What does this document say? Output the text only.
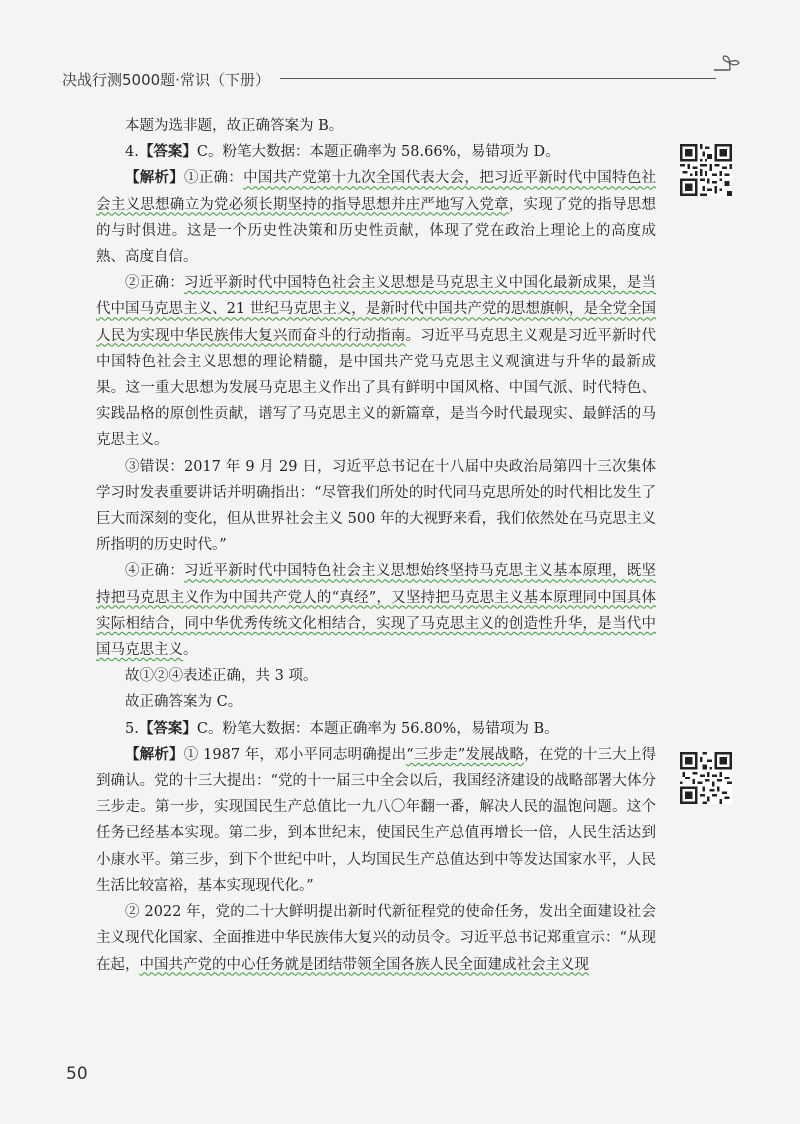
决战行测5000题·常识（下册）

本题为选非题，故正确答案为 B。

4.【答案】C。粉笔大数据：本题正确率为 58.66%，易错项为 D。

【解析】①正确：中国共产党第十九次全国代表大会，把习近平新时代中国特色社会主义思想确立为党必须长期坚持的指导思想并庄严地写入党章，实现了党的指导思想的与时俱进。这是一个历史性决策和历史性贡献，体现了党在政治上理论上的高度成熟、高度自信。

②正确：习近平新时代中国特色社会主义思想是马克思主义中国化最新成果，是当代中国马克思主义、21 世纪马克思主义，是新时代中国共产党的思想旗帜，是全党全国人民为实现中华民族伟大复兴而奋斗的行动指南。习近平马克思主义观是习近平新时代中国特色社会主义思想的理论精髓，是中国共产党马克思主义观演进与升华的最新成果。这一重大思想为发展马克思主义作出了具有鲜明中国风格、中国气派、时代特色、实践品格的原创性贡献，谱写了马克思主义的新篇章，是当今时代最现实、最鲜活的马克思主义。

③错误：2017 年 9 月 29 日，习近平总书记在十八届中央政治局第四十三次集体学习时发表重要讲话并明确指出：“尽管我们所处的时代同马克思所处的时代相比发生了巨大而深刻的变化，但从世界社会主义 500 年的大视野来看，我们依然处在马克思主义所指明的历史时代。”

④正确：习近平新时代中国特色社会主义思想始终坚持马克思主义基本原理，既坚持把马克思主义作为中国共产党人的“真经”，又坚持把马克思主义基本原理同中国具体实际相结合，同中华优秀传统文化相结合，实现了马克思主义的创造性升华，是当代中国马克思主义。

故①②④表述正确，共 3 项。

故正确答案为 C。

5.【答案】C。粉笔大数据：本题正确率为 56.80%，易错项为 B。

【解析】① 1987 年，邓小平同志明确提出“三步走”发展战略，在党的十三大上得到确认。党的十三大提出：“党的十一届三中全会以后，我国经济建设的战略部署大体分三步走。第一步，实现国民生产总值比一九八〇年翻一番，解决人民的温饱问题。这个任务已经基本实现。第二步，到本世纪末，使国民生产总值再增长一倍，人民生活达到小康水平。第三步，到下个世纪中叶，人均国民生产总值达到中等发达国家水平，人民生活比较富裕，基本实现现代化。”

② 2022 年，党的二十大鲜明提出新时代新征程党的使命任务，发出全面建设社会主义现代化国家、全面推进中华民族伟大复兴的动员令。习近平总书记郑重宣示：“从现在起，中国共产党的中心任务就是团结带领全国各族人民全面建成社会主义现

50
